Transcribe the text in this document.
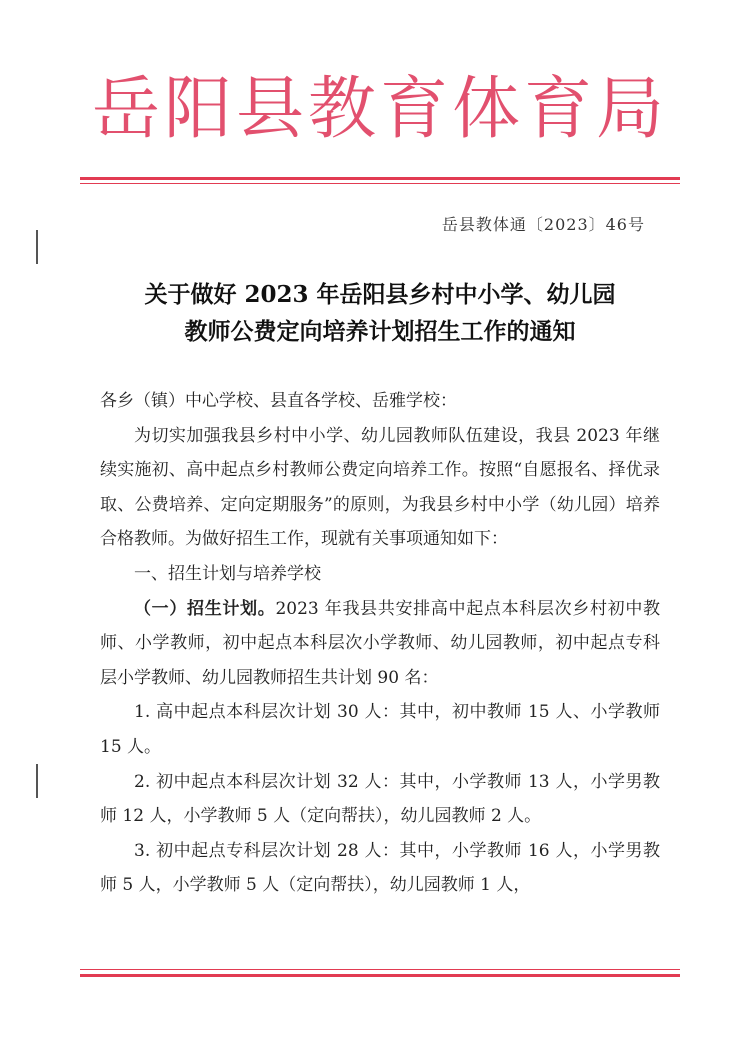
岳阳县教育体育局
岳县教体通〔2023〕46号
关于做好 2023 年岳阳县乡村中小学、幼儿园
教师公费定向培养计划招生工作的通知

各乡（镇）中心学校、县直各学校、岳雅学校：

为切实加强我县乡村中小学、幼儿园教师队伍建设，我县 2023 年继续实施初、高中起点乡村教师公费定向培养工作。按照“自愿报名、择优录取、公费培养、定向定期服务”的原则，为我县乡村中小学（幼儿园）培养合格教师。为做好招生工作，现就有关事项通知如下：

一、招生计划与培养学校

（一）招生计划。2023 年我县共安排高中起点本科层次乡村初中教师、小学教师，初中起点本科层次小学教师、幼儿园教师，初中起点专科层小学教师、幼儿园教师招生共计划 90 名：

1. 高中起点本科层次计划 30 人：其中，初中教师 15 人、小学教师 15 人。

2. 初中起点本科层次计划 32 人：其中，小学教师 13 人，小学男教师 12 人，小学教师 5 人（定向帮扶），幼儿园教师 2 人。

3. 初中起点专科层次计划 28 人：其中，小学教师 16 人，小学男教师 5 人，小学教师 5 人（定向帮扶），幼儿园教师 1 人，
